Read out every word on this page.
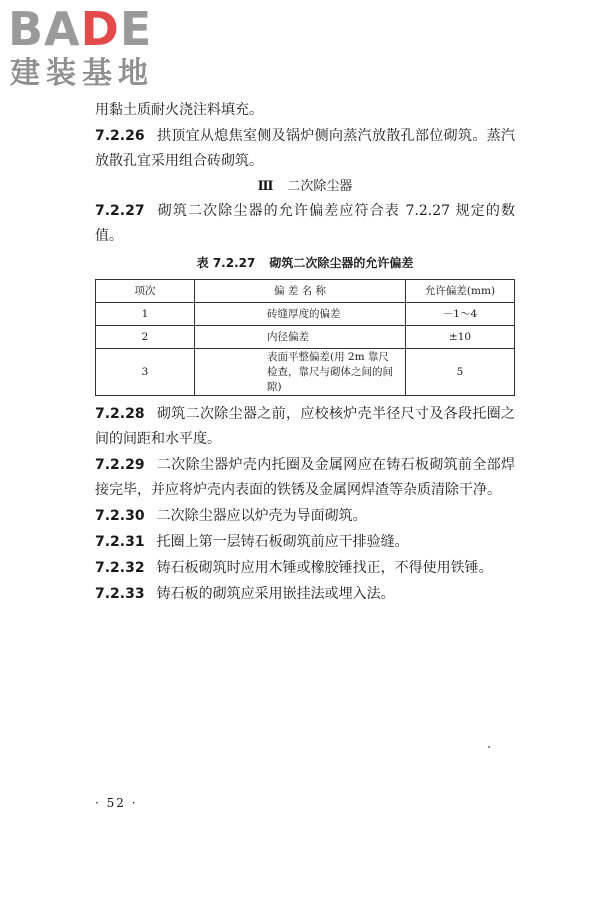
BADE
建装基地

用黏土质耐火浇注料填充。

7.2.26 拱顶宜从熄焦室侧及锅炉侧向蒸汽放散孔部位砌筑。蒸汽放散孔宜采用组合砖砌筑。

Ⅲ 二次除尘器

7.2.27 砌筑二次除尘器的允许偏差应符合表 7.2.27 规定的数值。

表 7.2.27 砌筑二次除尘器的允许偏差
项次	偏 差 名 称	允许偏差(mm)
1	砖缝厚度的偏差	－1～4
2	内径偏差	±10
3	表面平整偏差(用 2m 靠尺检查，靠尺与砌体之间的间隙)	5

7.2.28 砌筑二次除尘器之前，应校核炉壳半径尺寸及各段托圈之间的间距和水平度。

7.2.29 二次除尘器炉壳内托圈及金属网应在铸石板砌筑前全部焊接完毕，并应将炉壳内表面的铁锈及金属网焊渣等杂质清除干净。

7.2.30 二次除尘器应以炉壳为导面砌筑。

7.2.31 托圈上第一层铸石板砌筑前应干排验缝。

7.2.32 铸石板砌筑时应用木锤或橡胶锤找正，不得使用铁锤。

7.2.33 铸石板的砌筑应采用嵌挂法或埋入法。

· 52 ·
